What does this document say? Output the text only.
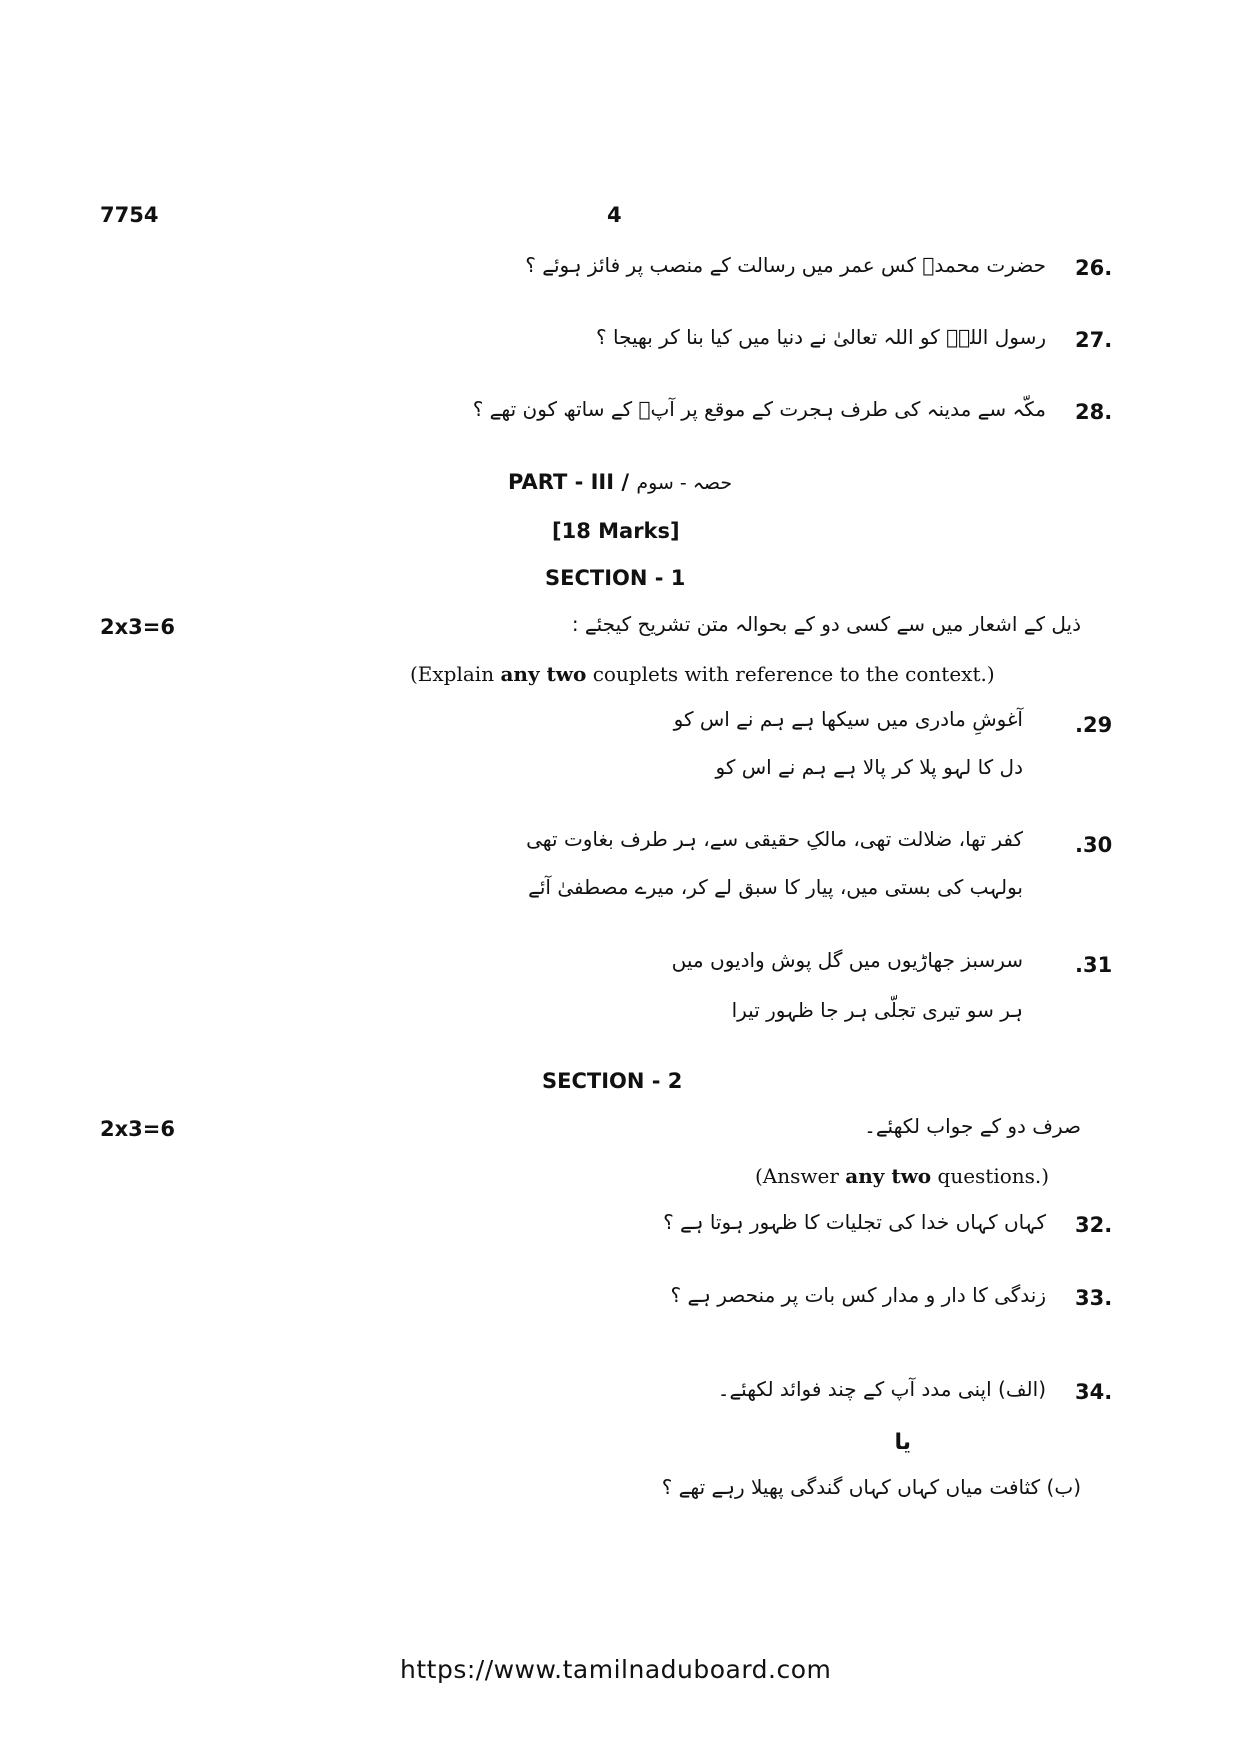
7754	4
حضرت محمدؐ کس عمر میں رسالت کے منصب پر فائز ہوئے ؟ 26.
رسول اللہؐ کو اللہ تعالیٰ نے دنیا میں کیا بنا کر بھیجا ؟ 27.
مکّہ سے مدینہ کی طرف ہجرت کے موقع پر آپؐ کے ساتھ کون تھے ؟ 28.
PART - III / حصہ - سوم
[18 Marks]
SECTION - 1
2x3=6	ذیل کے اشعار میں سے کسی دو کے بحوالہ متن تشریح کیجئے :
(Explain any two couplets with reference to the context.)
.29
آغوشِ مادری میں سیکھا ہے ہم نے اس کو
دل کا لہو پلا کر پالا ہے ہم نے اس کو
.30
کفر تھا، ضلالت تھی، مالکِ حقیقی سے، ہر طرف بغاوت تھی
بولہب کی بستی میں، پیار کا سبق لے کر، میرے مصطفیٰ آئے
.31
سرسبز جھاڑیوں میں گل پوش وادیوں میں
ہر سو تیری تجلّی ہر جا ظہور تیرا
SECTION - 2
2x3=6	صرف دو کے جواب لکھئے۔
(Answer any two questions.)
کہاں کہاں خدا کی تجلیات کا ظہور ہوتا ہے ؟ 32.
زندگی کا دار و مدار کس بات پر منحصر ہے ؟ 33.
(الف) اپنی مدد آپ کے چند فوائد لکھئے۔ 34.
یا
(ب) کثافت میاں کہاں کہاں گندگی پھیلا رہے تھے ؟
https://www.tamilnaduboard.com
